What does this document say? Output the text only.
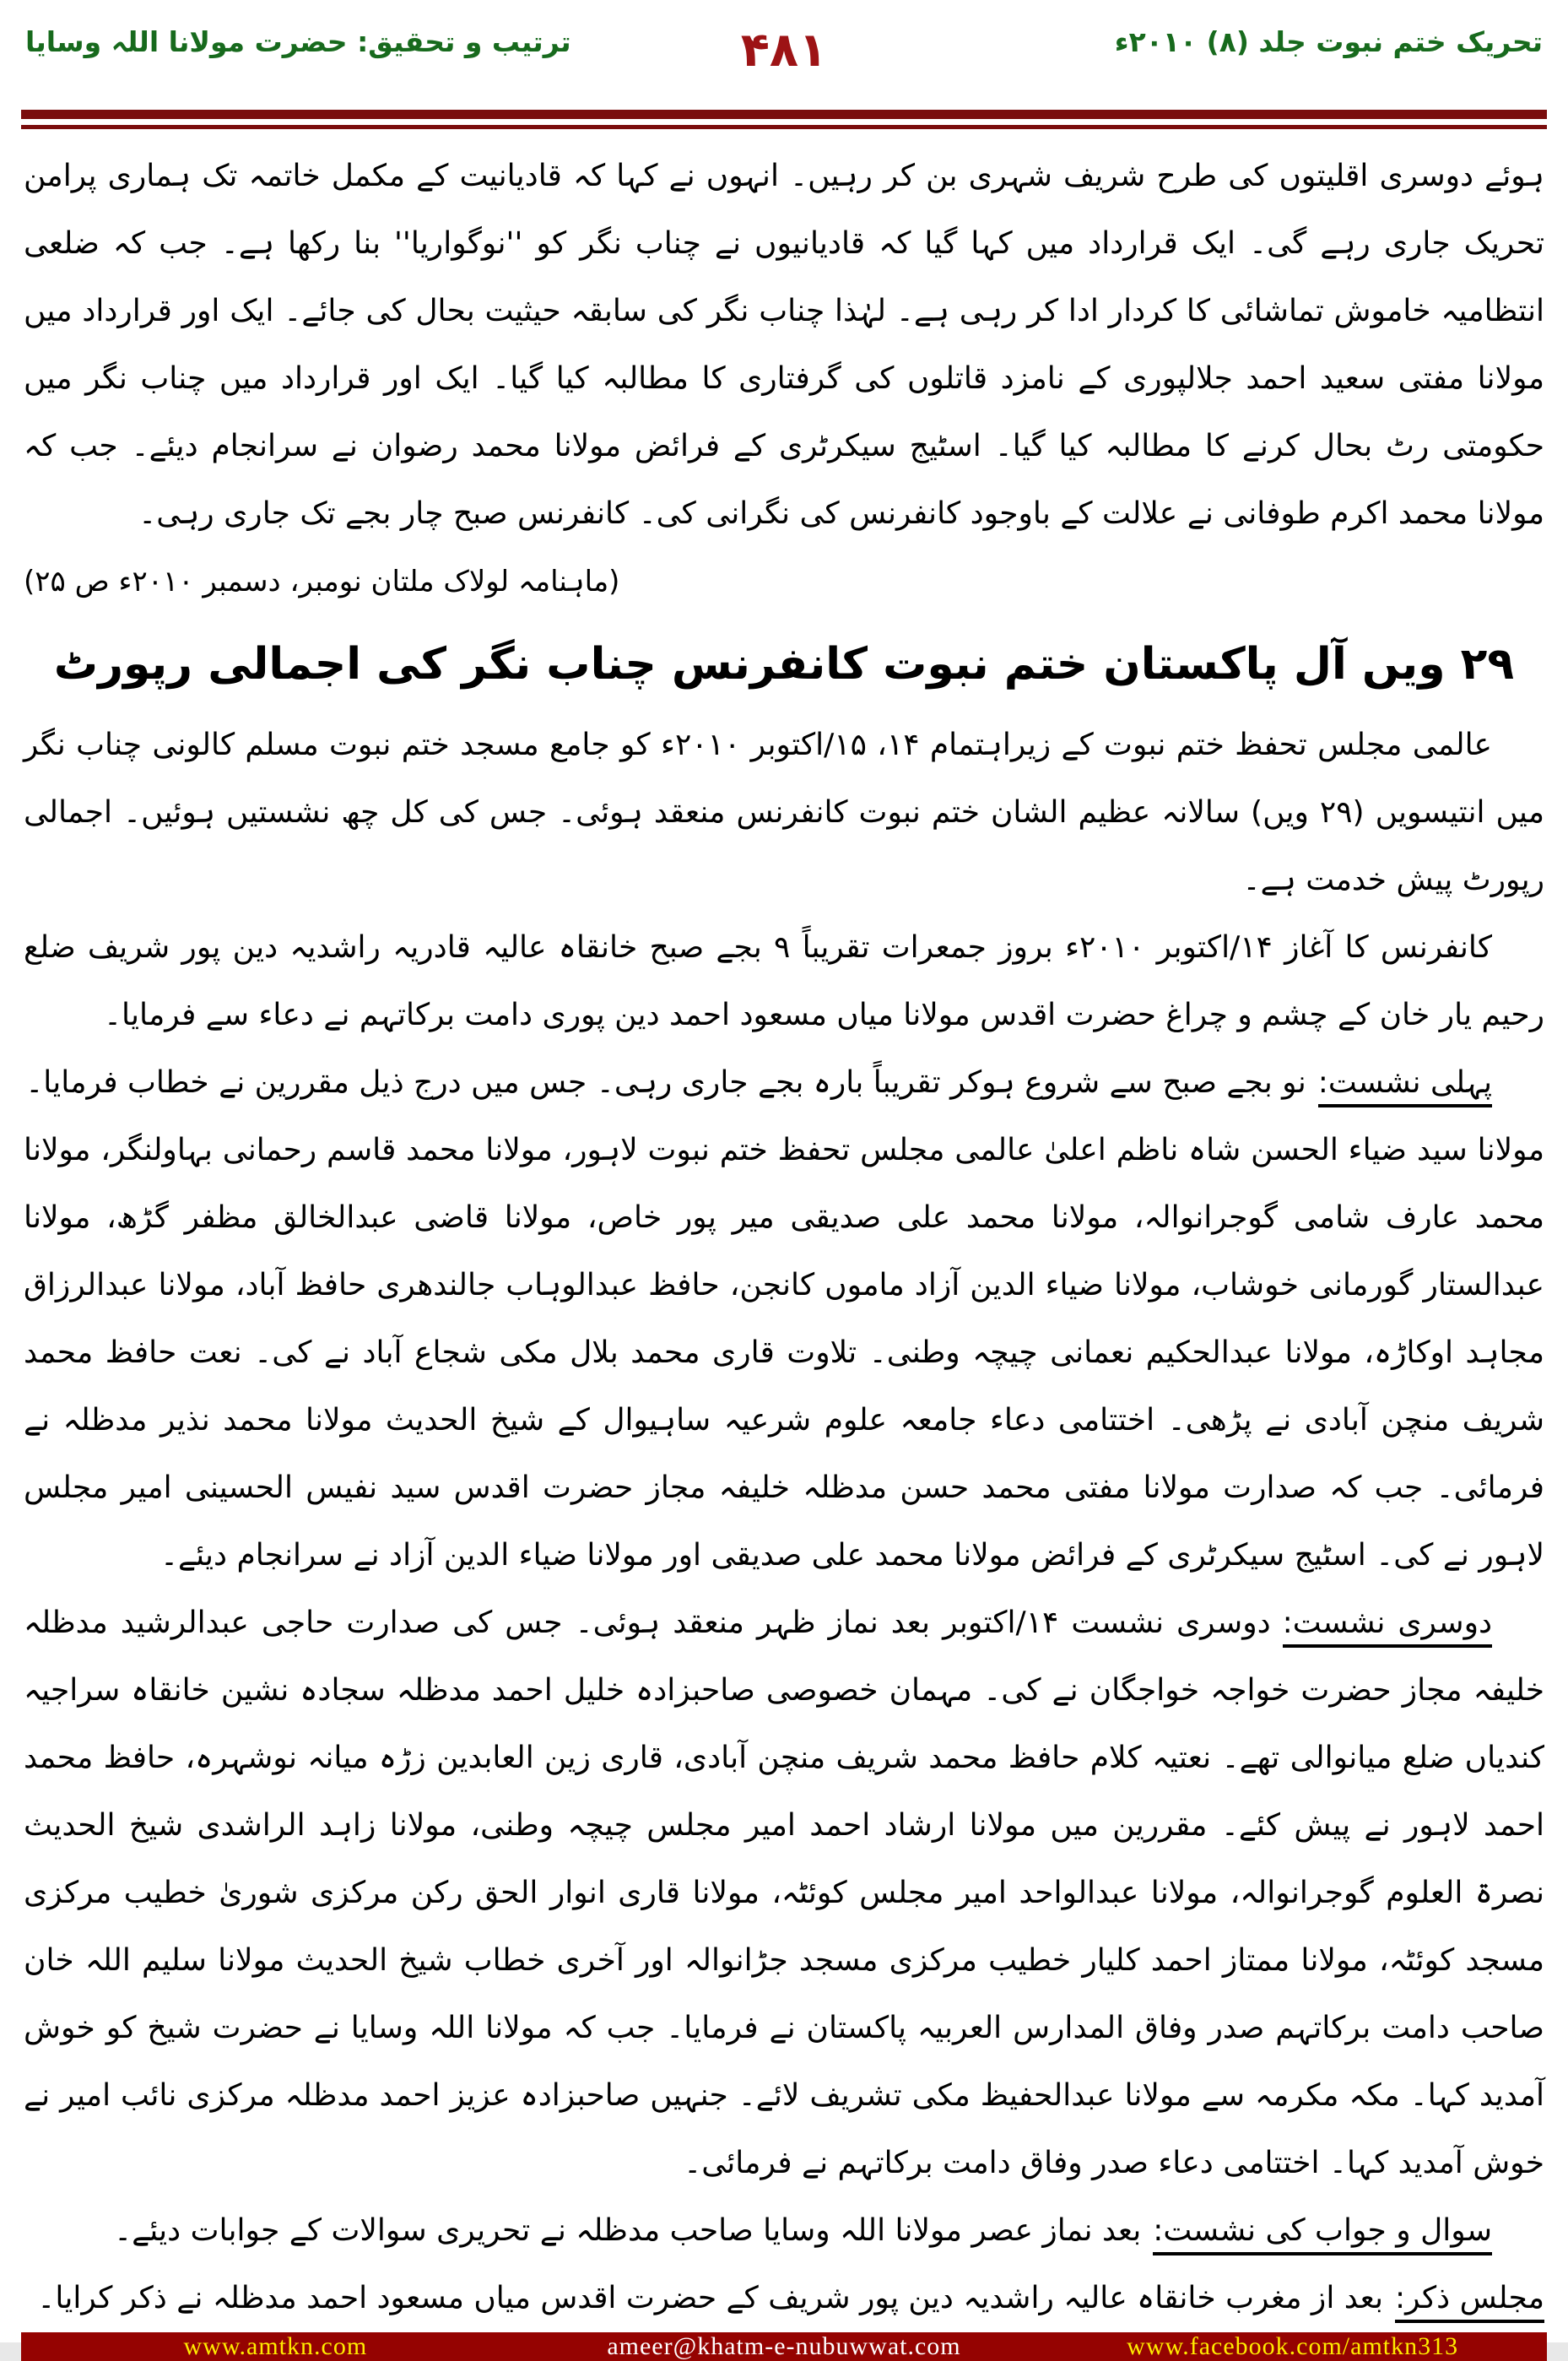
ترتیب و تحقیق: حضرت مولانا اللہ وسایا	۴۸۱	تحریک ختم نبوت جلد (۸) ۲۰۱۰ء

ہوئے دوسری اقلیتوں کی طرح شریف شہری بن کر رہیں۔ انہوں نے کہا کہ قادیانیت کے مکمل خاتمہ تک ہماری پرامن تحریک جاری رہے گی۔ ایک قرارداد میں کہا گیا کہ قادیانیوں نے چناب نگر کو ''نوگواریا'' بنا رکھا ہے۔ جب کہ ضلعی انتظامیہ خاموش تماشائی کا کردار ادا کر رہی ہے۔ لہٰذا چناب نگر کی سابقہ حیثیت بحال کی جائے۔ ایک اور قرارداد میں مولانا مفتی سعید احمد جلالپوری کے نامزد قاتلوں کی گرفتاری کا مطالبہ کیا گیا۔ ایک اور قرارداد میں چناب نگر میں حکومتی رٹ بحال کرنے کا مطالبہ کیا گیا۔ اسٹیج سیکرٹری کے فرائض مولانا محمد رضوان نے سرانجام دیئے۔ جب کہ مولانا محمد اکرم طوفانی نے علالت کے باوجود کانفرنس کی نگرانی کی۔ کانفرنس صبح چار بجے تک جاری رہی۔

(ماہنامہ لولاک ملتان نومبر، دسمبر ۲۰۱۰ء ص ۲۵)

۲۹ ویں آل پاکستان ختم نبوت کانفرنس چناب نگر کی اجمالی رپورٹ

عالمی مجلس تحفظ ختم نبوت کے زیراہتمام ۱۴، ۱۵/اکتوبر ۲۰۱۰ء کو جامع مسجد ختم نبوت مسلم کالونی چناب نگر میں انتیسویں (۲۹ ویں) سالانہ عظیم الشان ختم نبوت کانفرنس منعقد ہوئی۔ جس کی کل چھ نشستیں ہوئیں۔ اجمالی رپورٹ پیش خدمت ہے۔

کانفرنس کا آغاز ۱۴/اکتوبر ۲۰۱۰ء بروز جمعرات تقریباً ۹ بجے صبح خانقاہ عالیہ قادریہ راشدیہ دین پور شریف ضلع رحیم یار خان کے چشم و چراغ حضرت اقدس مولانا میاں مسعود احمد دین پوری دامت برکاتہم نے دعاء سے فرمایا۔

پہلی نشست:نو بجے صبح سے شروع ہوکر تقریباً بارہ بجے جاری رہی۔ جس میں درج ذیل مقررین نے خطاب فرمایا۔

مولانا سید ضیاء الحسن شاہ ناظم اعلیٰ عالمی مجلس تحفظ ختم نبوت لاہور، مولانا محمد قاسم رحمانی بہاولنگر، مولانا محمد عارف شامی گوجرانوالہ، مولانا محمد علی صدیقی میر پور خاص، مولانا قاضی عبدالخالق مظفر گڑھ، مولانا عبدالستار گورمانی خوشاب، مولانا ضیاء الدین آزاد ماموں کانجن، حافظ عبدالوہاب جالندھری حافظ آباد، مولانا عبدالرزاق مجاہد اوکاڑہ، مولانا عبدالحکیم نعمانی چیچہ وطنی۔ تلاوت قاری محمد بلال مکی شجاع آباد نے کی۔ نعت حافظ محمد شریف منچن آبادی نے پڑھی۔ اختتامی دعاء جامعہ علوم شرعیہ ساہیوال کے شیخ الحدیث مولانا محمد نذیر مدظلہ نے فرمائی۔ جب کہ صدارت مولانا مفتی محمد حسن مدظلہ خلیفہ مجاز حضرت اقدس سید نفیس الحسینی امیر مجلس لاہور نے کی۔ اسٹیج سیکرٹری کے فرائض مولانا محمد علی صدیقی اور مولانا ضیاء الدین آزاد نے سرانجام دیئے۔

دوسری نشست:دوسری نشست ۱۴/اکتوبر بعد نماز ظہر منعقد ہوئی۔ جس کی صدارت حاجی عبدالرشید مدظلہ خلیفہ مجاز حضرت خواجہ خواجگان نے کی۔ مہمان خصوصی صاحبزادہ خلیل احمد مدظلہ سجادہ نشین خانقاہ سراجیہ کندیاں ضلع میانوالی تھے۔ نعتیہ کلام حافظ محمد شریف منچن آبادی، قاری زین العابدین زڑہ میانہ نوشہرہ، حافظ محمد احمد لاہور نے پیش کئے۔ مقررین میں مولانا ارشاد احمد امیر مجلس چیچہ وطنی، مولانا زاہد الراشدی شیخ الحدیث نصرۃ العلوم گوجرانوالہ، مولانا عبدالواحد امیر مجلس کوئٹہ، مولانا قاری انوار الحق رکن مرکزی شوریٰ خطیب مرکزی مسجد کوئٹہ، مولانا ممتاز احمد کلیار خطیب مرکزی مسجد جڑانوالہ اور آخری خطاب شیخ الحدیث مولانا سلیم اللہ خان صاحب دامت برکاتہم صدر وفاق المدارس العربیہ پاکستان نے فرمایا۔ جب کہ مولانا اللہ وسایا نے حضرت شیخ کو خوش آمدید کہا۔ مکہ مکرمہ سے مولانا عبدالحفیظ مکی تشریف لائے۔ جنہیں صاحبزادہ عزیز احمد مدظلہ مرکزی نائب امیر نے خوش آمدید کہا۔ اختتامی دعاء صدر وفاق دامت برکاتہم نے فرمائی۔

سوال و جواب کی نشست:بعد نماز عصر مولانا اللہ وسایا صاحب مدظلہ نے تحریری سوالات کے جوابات دیئے۔

مجلس ذکر:بعد از مغرب خانقاہ عالیہ راشدیہ دین پور شریف کے حضرت اقدس میاں مسعود احمد مدظلہ نے ذکر کرایا۔

www.amtkn.com	ameer@khatm-e-nubuwwat.com	www.facebook.com/amtkn313
